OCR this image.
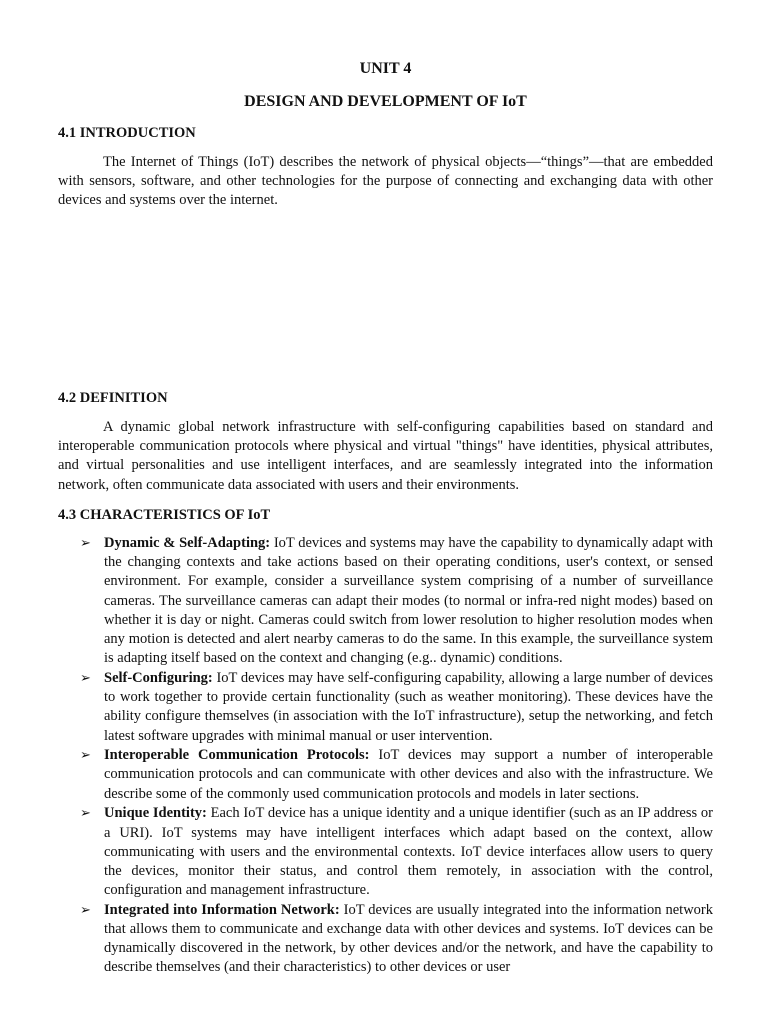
UNIT 4
DESIGN AND DEVELOPMENT OF IoT
4.1 INTRODUCTION

The Internet of Things (IoT) describes the network of physical objects—“things”—that are embedded with sensors, software, and other technologies for the purpose of connecting and exchanging data with other devices and systems over the internet.

4.2 DEFINITION

A dynamic global network infrastructure with self-configuring capabilities based on standard and interoperable communication protocols where physical and virtual "things" have identities, physical attributes, and virtual personalities and use intelligent interfaces, and are seamlessly integrated into the information network, often communicate data associated with users and their environments.

4.3 CHARACTERISTICS OF IoT
➢ Dynamic & Self-Adapting: IoT devices and systems may have the capability to dynamically adapt with the changing contexts and take actions based on their operating conditions, user's context, or sensed environment. For example, consider a surveillance system comprising of a number of surveillance cameras. The surveillance cameras can adapt their modes (to normal or infra-red night modes) based on whether it is day or night. Cameras could switch from lower resolution to higher resolution modes when any motion is detected and alert nearby cameras to do the same. In this example, the surveillance system is adapting itself based on the context and changing (e.g.. dynamic) conditions.
➢ Self-Configuring: IoT devices may have self-configuring capability, allowing a large number of devices to work together to provide certain functionality (such as weather monitoring). These devices have the ability configure themselves (in association with the IoT infrastructure), setup the networking, and fetch latest software upgrades with minimal manual or user intervention.
➢ Interoperable Communication Protocols: IoT devices may support a number of interoperable communication protocols and can communicate with other devices and also with the infrastructure. We describe some of the commonly used communication protocols and models in later sections.
➢ Unique Identity: Each IoT device has a unique identity and a unique identifier (such as an IP address or a URI). IoT systems may have intelligent interfaces which adapt based on the context, allow communicating with users and the environmental contexts. IoT device interfaces allow users to query the devices, monitor their status, and control them remotely, in association with the control, configuration and management infrastructure.
➢ Integrated into Information Network: IoT devices are usually integrated into the information network that allows them to communicate and exchange data with other devices and systems. IoT devices can be dynamically discovered in the network, by other devices and/or the network, and have the capability to describe themselves (and their characteristics) to other devices or user
